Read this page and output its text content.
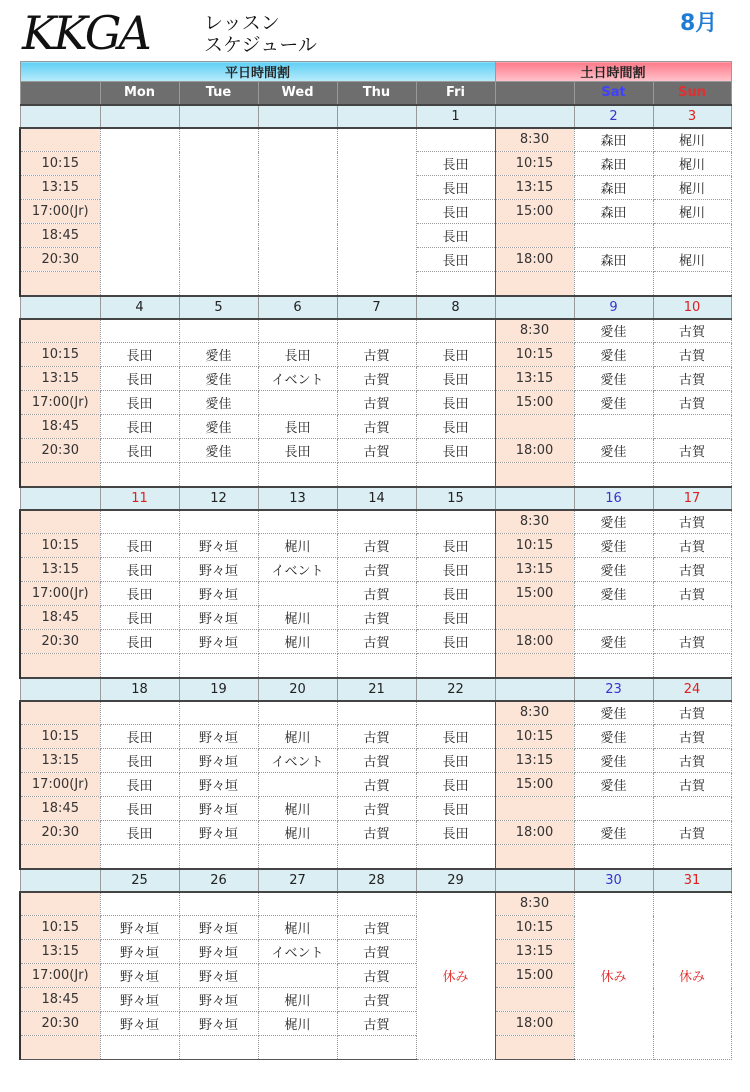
KKGA	レッスン
スケジュール
8月
平日時間割						土日時間割		
	Mon	Tue	Wed	Thu	Fri		Sat	Sun
					1		2	3
						8:30	森田	梶川
10:15					長田	10:15	森田	梶川
13:15					長田	13:15	森田	梶川
17:00(Jr)					長田	15:00	森田	梶川
18:45					長田			
20:30					長田	18:00	森田	梶川

	4	5	6	7	8		9	10
						8:30	愛佳	古賀
10:15	長田	愛佳	長田	古賀	長田	10:15	愛佳	古賀
13:15	長田	愛佳	イベント	古賀	長田	13:15	愛佳	古賀
17:00(Jr)	長田	愛佳		古賀	長田	15:00	愛佳	古賀
18:45	長田	愛佳	長田	古賀	長田			
20:30	長田	愛佳	長田	古賀	長田	18:00	愛佳	古賀

	11	12	13	14	15		16	17
						8:30	愛佳	古賀
10:15	長田	野々垣	梶川	古賀	長田	10:15	愛佳	古賀
13:15	長田	野々垣	イベント	古賀	長田	13:15	愛佳	古賀
17:00(Jr)	長田	野々垣		古賀	長田	15:00	愛佳	古賀
18:45	長田	野々垣	梶川	古賀	長田			
20:30	長田	野々垣	梶川	古賀	長田	18:00	愛佳	古賀

	18	19	20	21	22		23	24
						8:30	愛佳	古賀
10:15	長田	野々垣	梶川	古賀	長田	10:15	愛佳	古賀
13:15	長田	野々垣	イベント	古賀	長田	13:15	愛佳	古賀
17:00(Jr)	長田	野々垣		古賀	長田	15:00	愛佳	古賀
18:45	長田	野々垣	梶川	古賀	長田			
20:30	長田	野々垣	梶川	古賀	長田	18:00	愛佳	古賀

	25	26	27	28	29		30	31
					休み	8:30	休み	休み
10:15	野々垣	野々垣	梶川	古賀		10:15		
13:15	野々垣	野々垣	イベント	古賀		13:15		
17:00(Jr)	野々垣	野々垣		古賀		15:00		
18:45	野々垣	野々垣	梶川	古賀				
20:30	野々垣	野々垣	梶川	古賀		18:00		
